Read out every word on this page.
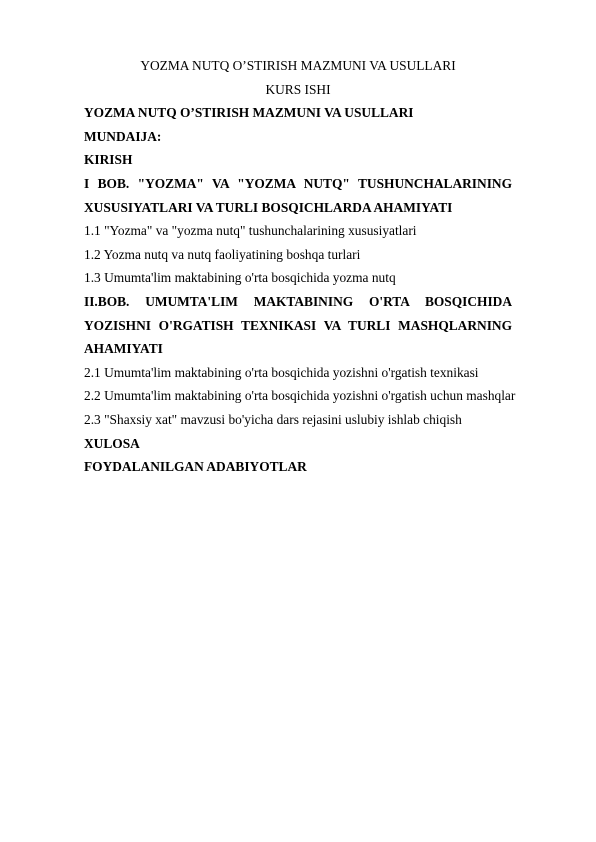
YOZMA NUTQ O’STIRISH MAZMUNI VA USULLARI
KURS ISHI
YOZMA NUTQ O’STIRISH MAZMUNI VA USULLARI
MUNDAIJA:
KIRISH
I BOB. "YOZMA" VA "YOZMA NUTQ" TUSHUNCHALARINING
XUSUSIYATLARI VA TURLI BOSQICHLARDA AHAMIYATI
1.1 "Yozma" va "yozma nutq" tushunchalarining xususiyatlari
1.2 Yozma nutq va nutq faoliyatining boshqa turlari
1.3 Umumta'lim maktabining o'rta bosqichida yozma nutq
II.BOB. UMUMTA'LIM MAKTABINING O'RTA BOSQICHIDA
YOZISHNI O'RGATISH TEXNIKASI VA TURLI MASHQLARNING
AHAMIYATI
2.1 Umumta'lim maktabining o'rta bosqichida yozishni o'rgatish texnikasi
2.2 Umumta'lim maktabining o'rta bosqichida yozishni o'rgatish uchun mashqlar
2.3 "Shaxsiy xat" mavzusi bo'yicha dars rejasini uslubiy ishlab chiqish
XULOSA
FOYDALANILGAN ADABIYOTLAR
